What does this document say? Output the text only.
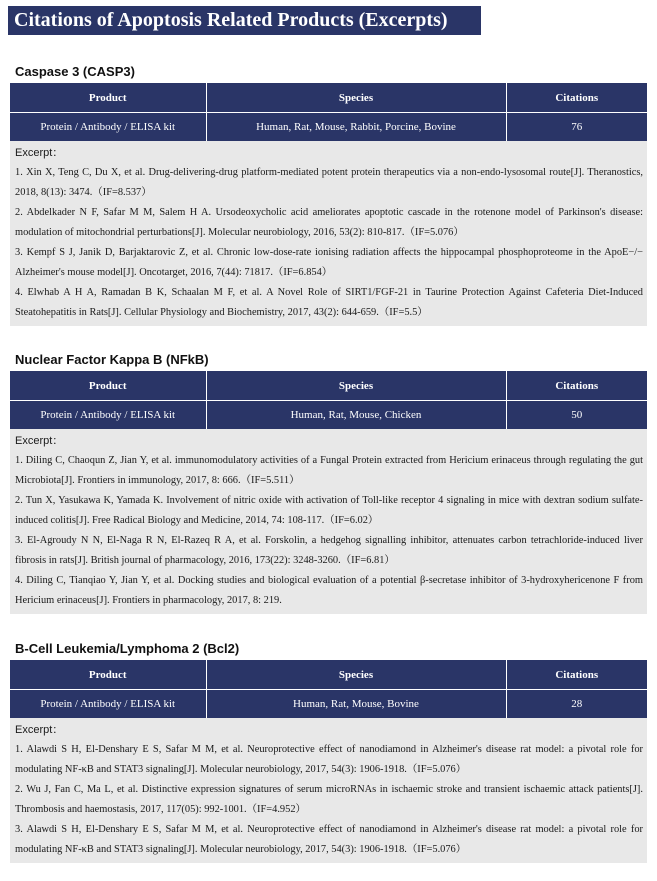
Citations of Apoptosis Related Products (Excerpts)
Caspase 3 (CASP3)
Product	Species	Citations
Protein / Antibody / ELISA kit	Human, Rat, Mouse, Rabbit, Porcine, Bovine	76
Excerpt：

1. Xin X, Teng C, Du X, et al. Drug-delivering-drug platform-mediated potent protein therapeutics via a non-endo-lysosomal route[J]. Theranostics, 2018, 8(13): 3474.（IF=8.537）

2. Abdelkader N F, Safar M M, Salem H A. Ursodeoxycholic acid ameliorates apoptotic cascade in the rotenone model of Parkinson's disease: modulation of mitochondrial perturbations[J]. Molecular neurobiology, 2016, 53(2): 810-817.（IF=5.076）

3. Kempf S J, Janik D, Barjaktarovic Z, et al. Chronic low-dose-rate ionising radiation affects the hippocampal phosphoproteome in the ApoE−/− Alzheimer's mouse model[J]. Oncotarget, 2016, 7(44): 71817.（IF=6.854）

4. Elwhab A H A, Ramadan B K, Schaalan M F, et al. A Novel Role of SIRT1/FGF-21 in Taurine Protection Against Cafeteria Diet-Induced Steatohepatitis in Rats[J]. Cellular Physiology and Biochemistry, 2017, 43(2): 644-659.（IF=5.5）

Nuclear Factor Kappa B (NFkB)
Product	Species	Citations
Protein / Antibody / ELISA kit	Human, Rat, Mouse, Chicken	50
Excerpt：

1. Diling C, Chaoqun Z, Jian Y, et al. immunomodulatory activities of a Fungal Protein extracted from Hericium erinaceus through regulating the gut Microbiota[J]. Frontiers in immunology, 2017, 8: 666.（IF=5.511）

2. Tun X, Yasukawa K, Yamada K. Involvement of nitric oxide with activation of Toll-like receptor 4 signaling in mice with dextran sodium sulfate-induced colitis[J]. Free Radical Biology and Medicine, 2014, 74: 108-117.（IF=6.02）

3. El‐Agroudy N N, El‐Naga R N, El‐Razeq R A, et al. Forskolin, a hedgehog signalling inhibitor, attenuates carbon tetrachloride‐induced liver fibrosis in rats[J]. British journal of pharmacology, 2016, 173(22): 3248-3260.（IF=6.81）

4. Diling C, Tianqiao Y, Jian Y, et al. Docking studies and biological evaluation of a potential β-secretase inhibitor of 3-hydroxyhericenone F from Hericium erinaceus[J]. Frontiers in pharmacology, 2017, 8: 219.

B-Cell Leukemia/Lymphoma 2 (Bcl2)
Product	Species	Citations
Protein / Antibody / ELISA kit	Human, Rat, Mouse, Bovine	28
Excerpt：

1. Alawdi S H, El-Denshary E S, Safar M M, et al. Neuroprotective effect of nanodiamond in Alzheimer's disease rat model: a pivotal role for modulating NF-κB and STAT3 signaling[J]. Molecular neurobiology, 2017, 54(3): 1906-1918.（IF=5.076）

2. Wu J, Fan C, Ma L, et al. Distinctive expression signatures of serum microRNAs in ischaemic stroke and transient ischaemic attack patients[J]. Thrombosis and haemostasis, 2017, 117(05): 992-1001.（IF=4.952）

3. Alawdi S H, El-Denshary E S, Safar M M, et al. Neuroprotective effect of nanodiamond in Alzheimer's disease rat model: a pivotal role for modulating NF-κB and STAT3 signaling[J]. Molecular neurobiology, 2017, 54(3): 1906-1918.（IF=5.076）
